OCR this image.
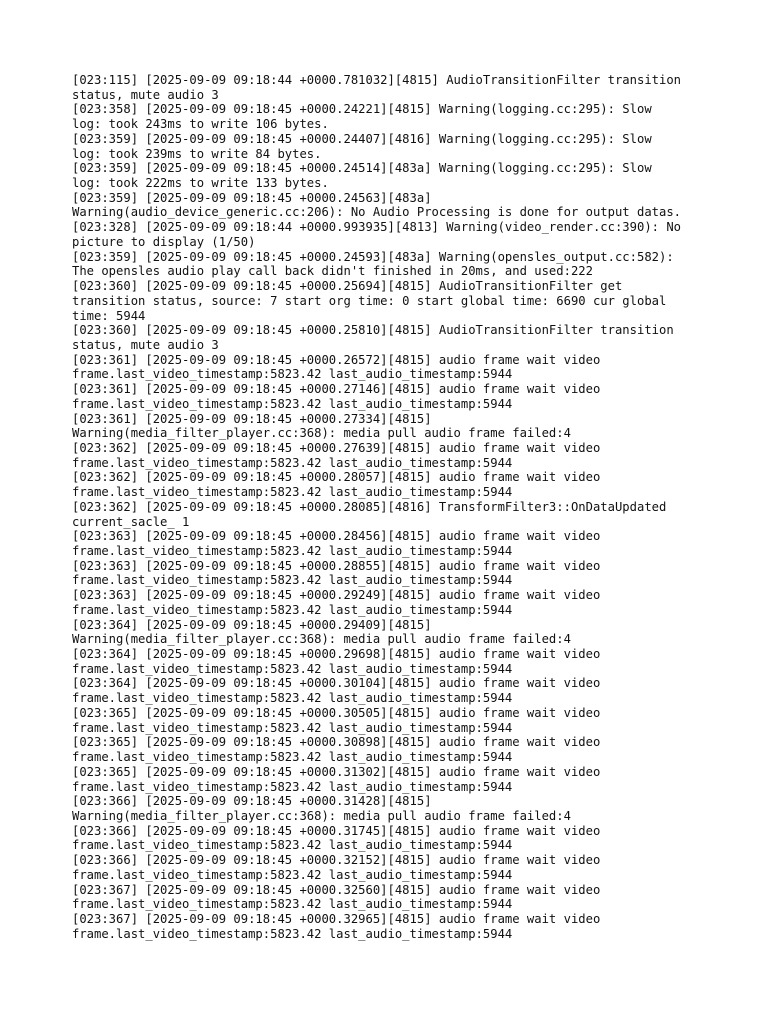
[023:115] [2025-09-09 09:18:44 +0000.781032][4815] AudioTransitionFilter transition
status, mute audio 3
[023:358] [2025-09-09 09:18:45 +0000.24221][4815] Warning(logging.cc:295): Slow
log: took 243ms to write 106 bytes.
[023:359] [2025-09-09 09:18:45 +0000.24407][4816] Warning(logging.cc:295): Slow
log: took 239ms to write 84 bytes.
[023:359] [2025-09-09 09:18:45 +0000.24514][483a] Warning(logging.cc:295): Slow
log: took 222ms to write 133 bytes.
[023:359] [2025-09-09 09:18:45 +0000.24563][483a]
Warning(audio_device_generic.cc:206): No Audio Processing is done for output datas.
[023:328] [2025-09-09 09:18:44 +0000.993935][4813] Warning(video_render.cc:390): No
picture to display (1/50)
[023:359] [2025-09-09 09:18:45 +0000.24593][483a] Warning(opensles_output.cc:582):
The opensles audio play call back didn't finished in 20ms, and used:222
[023:360] [2025-09-09 09:18:45 +0000.25694][4815] AudioTransitionFilter get
transition status, source: 7 start org time: 0 start global time: 6690 cur global
time: 5944
[023:360] [2025-09-09 09:18:45 +0000.25810][4815] AudioTransitionFilter transition
status, mute audio 3
[023:361] [2025-09-09 09:18:45 +0000.26572][4815] audio frame wait video
frame.last_video_timestamp:5823.42 last_audio_timestamp:5944
[023:361] [2025-09-09 09:18:45 +0000.27146][4815] audio frame wait video
frame.last_video_timestamp:5823.42 last_audio_timestamp:5944
[023:361] [2025-09-09 09:18:45 +0000.27334][4815]
Warning(media_filter_player.cc:368): media pull audio frame failed:4
[023:362] [2025-09-09 09:18:45 +0000.27639][4815] audio frame wait video
frame.last_video_timestamp:5823.42 last_audio_timestamp:5944
[023:362] [2025-09-09 09:18:45 +0000.28057][4815] audio frame wait video
frame.last_video_timestamp:5823.42 last_audio_timestamp:5944
[023:362] [2025-09-09 09:18:45 +0000.28085][4816] TransformFilter3::OnDataUpdated
current_sacle_ 1
[023:363] [2025-09-09 09:18:45 +0000.28456][4815] audio frame wait video
frame.last_video_timestamp:5823.42 last_audio_timestamp:5944
[023:363] [2025-09-09 09:18:45 +0000.28855][4815] audio frame wait video
frame.last_video_timestamp:5823.42 last_audio_timestamp:5944
[023:363] [2025-09-09 09:18:45 +0000.29249][4815] audio frame wait video
frame.last_video_timestamp:5823.42 last_audio_timestamp:5944
[023:364] [2025-09-09 09:18:45 +0000.29409][4815]
Warning(media_filter_player.cc:368): media pull audio frame failed:4
[023:364] [2025-09-09 09:18:45 +0000.29698][4815] audio frame wait video
frame.last_video_timestamp:5823.42 last_audio_timestamp:5944
[023:364] [2025-09-09 09:18:45 +0000.30104][4815] audio frame wait video
frame.last_video_timestamp:5823.42 last_audio_timestamp:5944
[023:365] [2025-09-09 09:18:45 +0000.30505][4815] audio frame wait video
frame.last_video_timestamp:5823.42 last_audio_timestamp:5944
[023:365] [2025-09-09 09:18:45 +0000.30898][4815] audio frame wait video
frame.last_video_timestamp:5823.42 last_audio_timestamp:5944
[023:365] [2025-09-09 09:18:45 +0000.31302][4815] audio frame wait video
frame.last_video_timestamp:5823.42 last_audio_timestamp:5944
[023:366] [2025-09-09 09:18:45 +0000.31428][4815]
Warning(media_filter_player.cc:368): media pull audio frame failed:4
[023:366] [2025-09-09 09:18:45 +0000.31745][4815] audio frame wait video
frame.last_video_timestamp:5823.42 last_audio_timestamp:5944
[023:366] [2025-09-09 09:18:45 +0000.32152][4815] audio frame wait video
frame.last_video_timestamp:5823.42 last_audio_timestamp:5944
[023:367] [2025-09-09 09:18:45 +0000.32560][4815] audio frame wait video
frame.last_video_timestamp:5823.42 last_audio_timestamp:5944
[023:367] [2025-09-09 09:18:45 +0000.32965][4815] audio frame wait video
frame.last_video_timestamp:5823.42 last_audio_timestamp:5944
